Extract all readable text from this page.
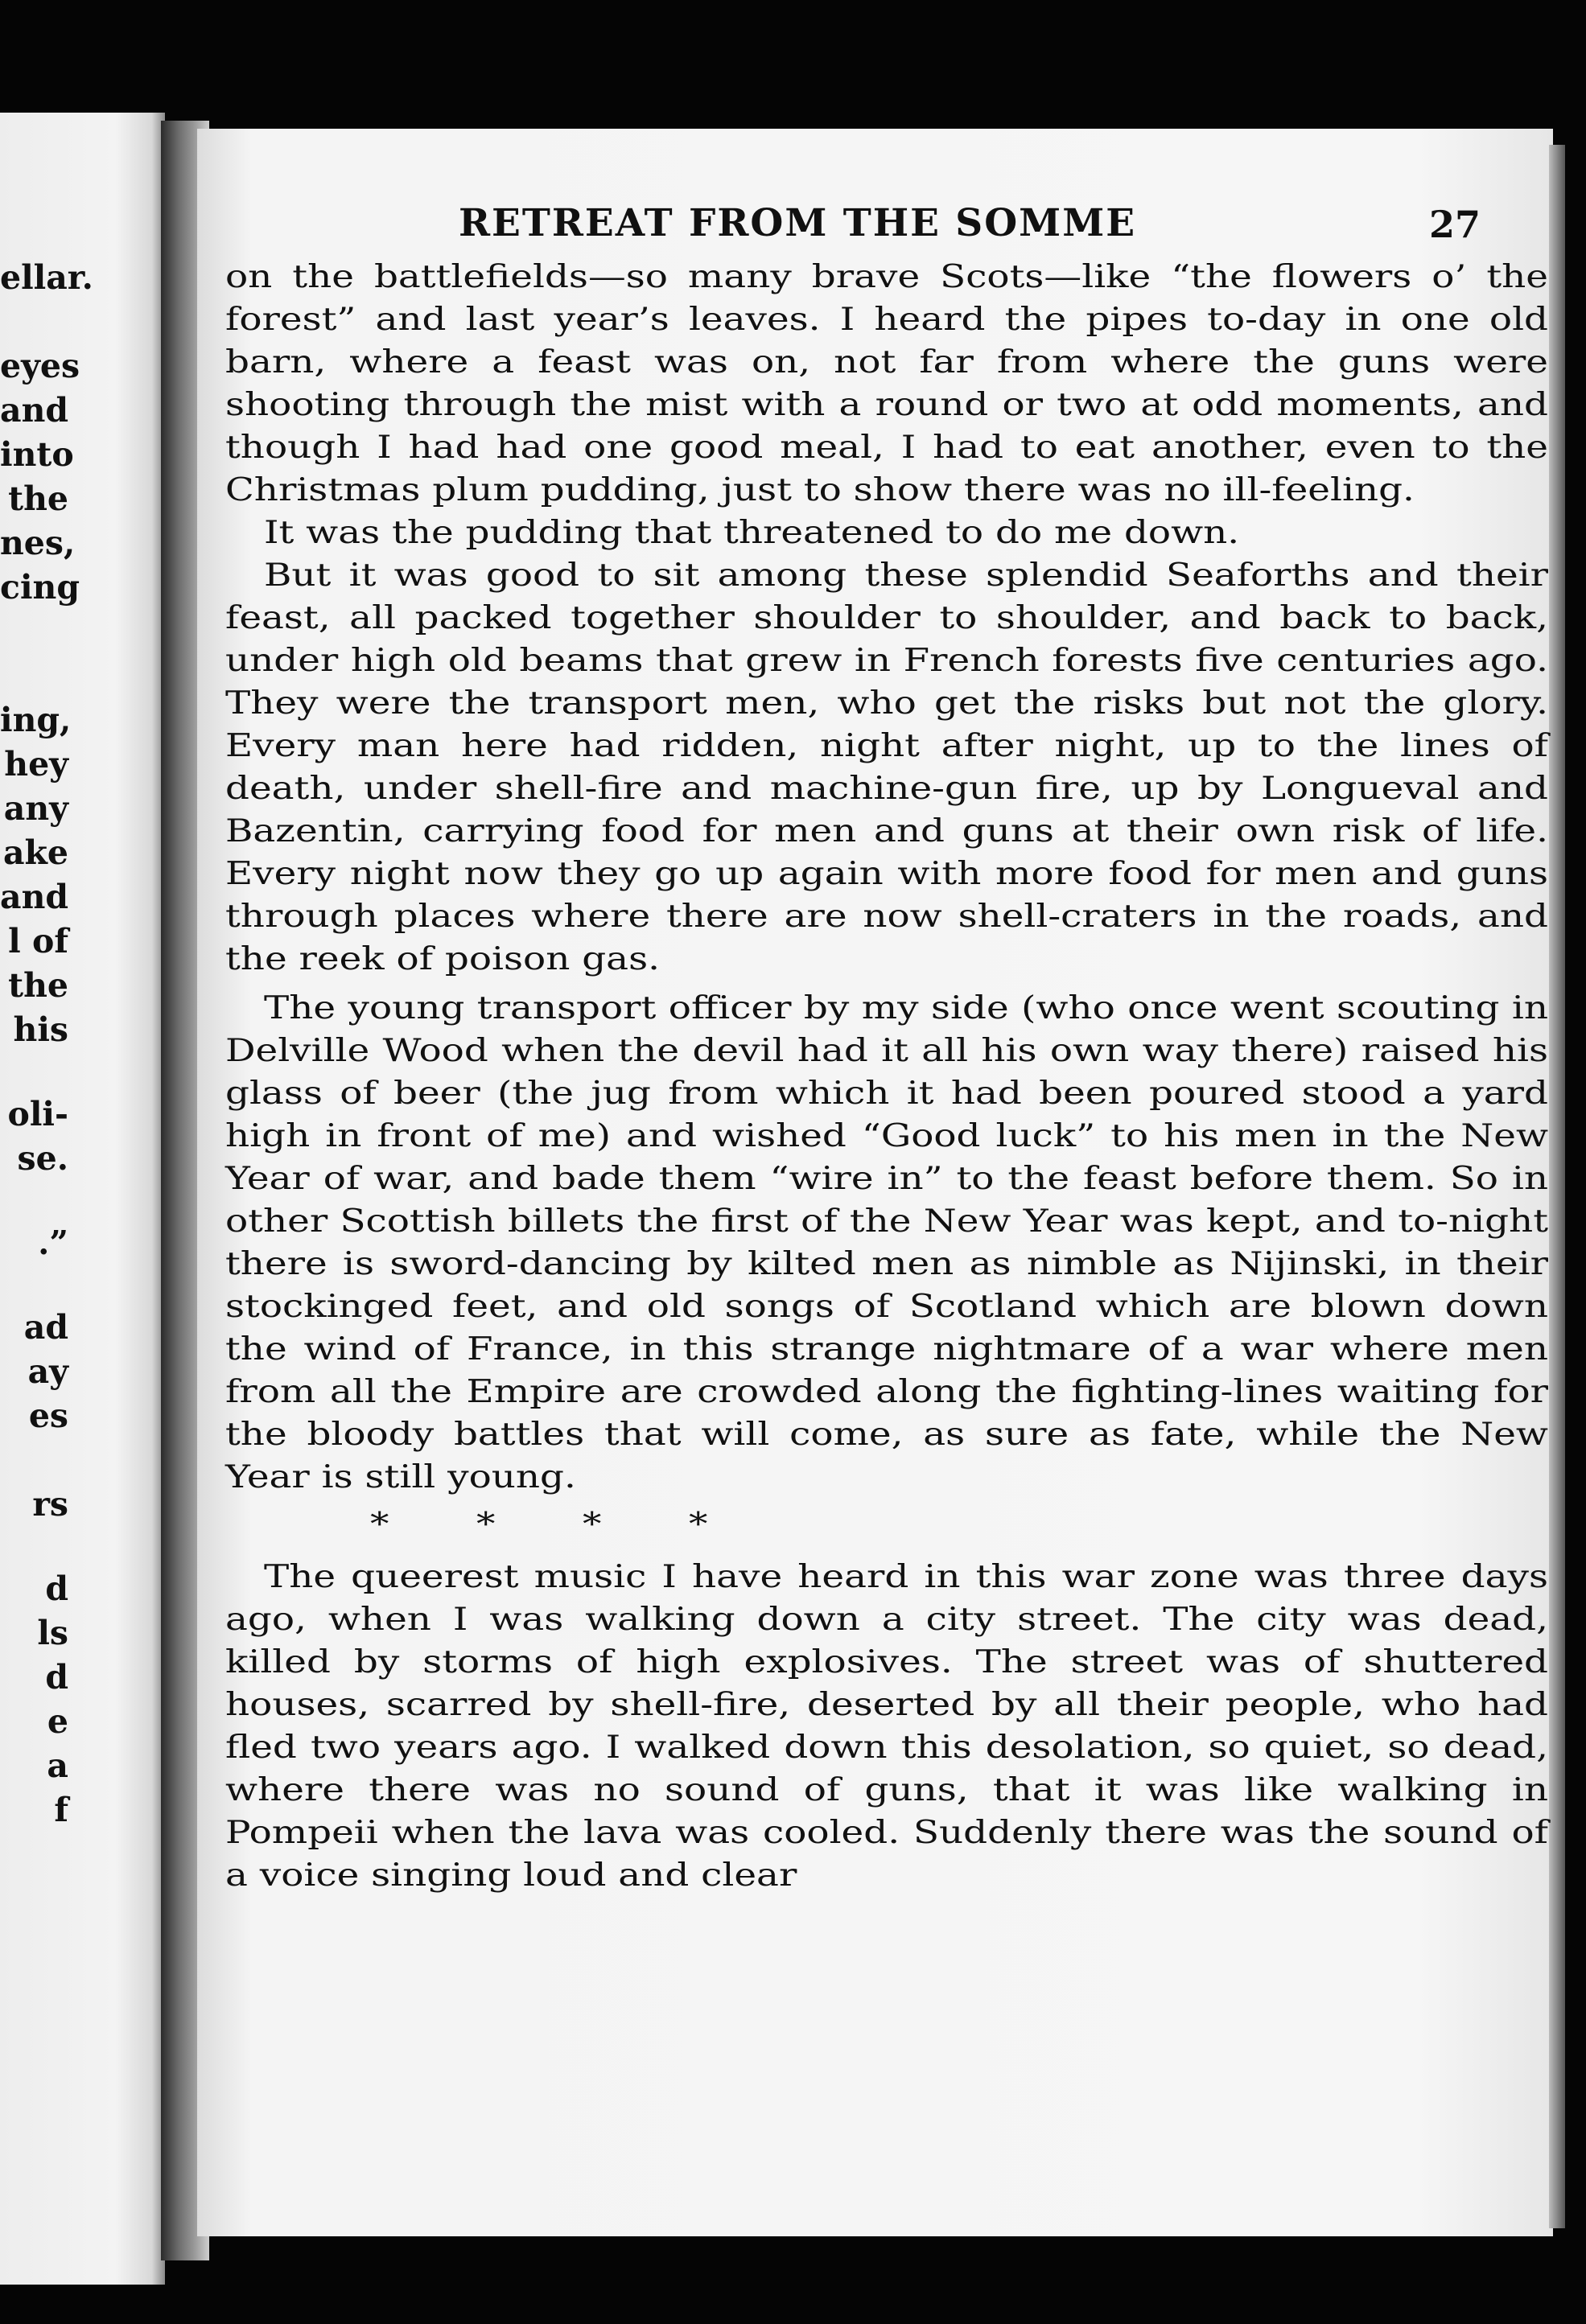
ellar.

eyes

and

into

the

nes,

cing

ing,

hey

any

ake

and

l of

the

his

oli-

se.

.”

ad

ay

es

rs

d

ls

d

e

a

f

RETREAT FROM THE SOMME	27

on the battlefields—so many brave Scots—like “the flowers o’ the forest” and last year’s leaves. I heard the pipes to-day in one old barn, where a feast was on, not far from where the guns were shooting through the mist with a round or two at odd moments, and though I had had one good meal, I had to eat another, even to the Christmas plum pudding, just to show there was no ill-feeling.

It was the pudding that threatened to do me down.

But it was good to sit among these splendid Seaforths and their feast, all packed together shoulder to shoulder, and back to back, under high old beams that grew in French forests five centuries ago. They were the transport men, who get the risks but not the glory. Every man here had ridden, night after night, up to the lines of death, under shell-fire and machine-gun fire, up by Longueval and Bazentin, carrying food for men and guns at their own risk of life. Every night now they go up again with more food for men and guns through places where there are now shell-craters in the roads, and the reek of poison gas.

The young transport officer by my side (who once went scouting in Delville Wood when the devil had it all his own way there) raised his glass of beer (the jug from which it had been poured stood a yard high in front of me) and wished “Good luck” to his men in the New Year of war, and bade them “wire in” to the feast before them. So in other Scottish billets the first of the New Year was kept, and to-night there is sword-dancing by kilted men as nimble as Nijinski, in their stockinged feet, and old songs of Scotland which are blown down the wind of France, in this strange nightmare of a war where men from all the Empire are crowded along the fighting-lines waiting for the bloody battles that will come, as sure as fate, while the New Year is still young.

*	*	*	*

The queerest music I have heard in this war zone was three days ago, when I was walking down a city street. The city was dead, killed by storms of high explosives. The street was of shuttered houses, scarred by shell-fire, deserted by all their people, who had fled two years ago. I walked down this desolation, so quiet, so dead, where there was no sound of guns, that it was like walking in Pompeii when the lava was cooled. Suddenly there was the sound of a voice singing loud and clear
